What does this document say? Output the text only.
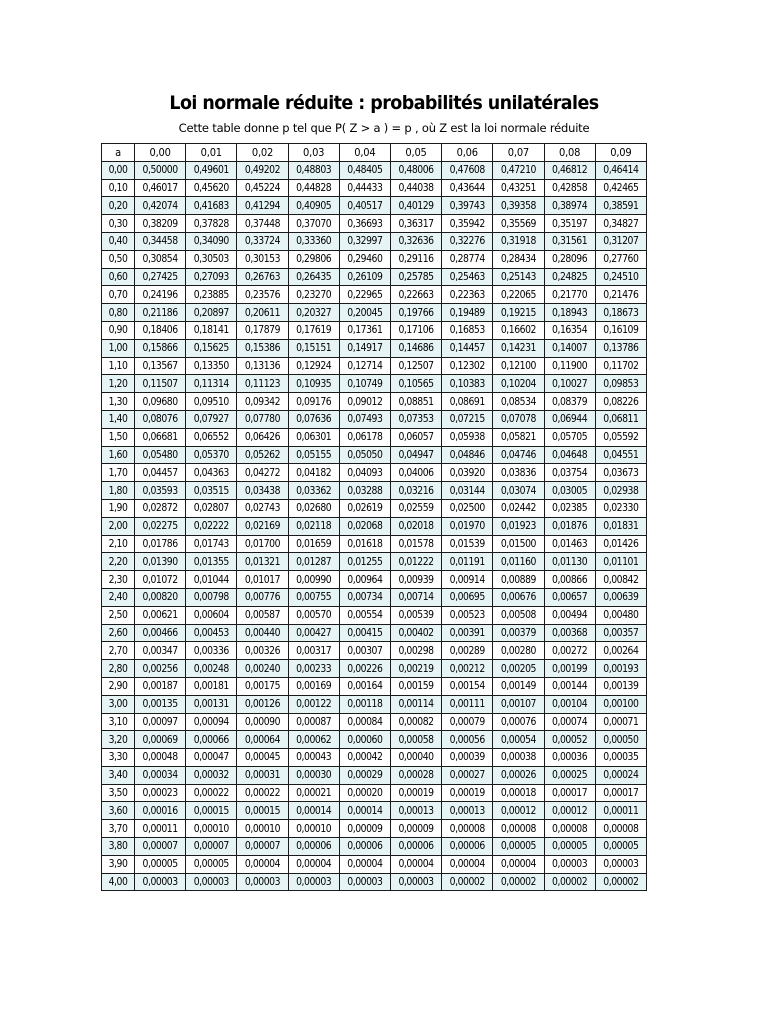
Loi normale réduite : probabilités unilatérales

Cette table donne p tel que P( Z > a ) = p , où Z est la loi normale réduite

a	0,00	0,01	0,02	0,03	0,04	0,05	0,06	0,07	0,08	0,09
0,00	0,50000	0,49601	0,49202	0,48803	0,48405	0,48006	0,47608	0,47210	0,46812	0,46414
0,10	0,46017	0,45620	0,45224	0,44828	0,44433	0,44038	0,43644	0,43251	0,42858	0,42465
0,20	0,42074	0,41683	0,41294	0,40905	0,40517	0,40129	0,39743	0,39358	0,38974	0,38591
0,30	0,38209	0,37828	0,37448	0,37070	0,36693	0,36317	0,35942	0,35569	0,35197	0,34827
0,40	0,34458	0,34090	0,33724	0,33360	0,32997	0,32636	0,32276	0,31918	0,31561	0,31207
0,50	0,30854	0,30503	0,30153	0,29806	0,29460	0,29116	0,28774	0,28434	0,28096	0,27760
0,60	0,27425	0,27093	0,26763	0,26435	0,26109	0,25785	0,25463	0,25143	0,24825	0,24510
0,70	0,24196	0,23885	0,23576	0,23270	0,22965	0,22663	0,22363	0,22065	0,21770	0,21476
0,80	0,21186	0,20897	0,20611	0,20327	0,20045	0,19766	0,19489	0,19215	0,18943	0,18673
0,90	0,18406	0,18141	0,17879	0,17619	0,17361	0,17106	0,16853	0,16602	0,16354	0,16109
1,00	0,15866	0,15625	0,15386	0,15151	0,14917	0,14686	0,14457	0,14231	0,14007	0,13786
1,10	0,13567	0,13350	0,13136	0,12924	0,12714	0,12507	0,12302	0,12100	0,11900	0,11702
1,20	0,11507	0,11314	0,11123	0,10935	0,10749	0,10565	0,10383	0,10204	0,10027	0,09853
1,30	0,09680	0,09510	0,09342	0,09176	0,09012	0,08851	0,08691	0,08534	0,08379	0,08226
1,40	0,08076	0,07927	0,07780	0,07636	0,07493	0,07353	0,07215	0,07078	0,06944	0,06811
1,50	0,06681	0,06552	0,06426	0,06301	0,06178	0,06057	0,05938	0,05821	0,05705	0,05592
1,60	0,05480	0,05370	0,05262	0,05155	0,05050	0,04947	0,04846	0,04746	0,04648	0,04551
1,70	0,04457	0,04363	0,04272	0,04182	0,04093	0,04006	0,03920	0,03836	0,03754	0,03673
1,80	0,03593	0,03515	0,03438	0,03362	0,03288	0,03216	0,03144	0,03074	0,03005	0,02938
1,90	0,02872	0,02807	0,02743	0,02680	0,02619	0,02559	0,02500	0,02442	0,02385	0,02330
2,00	0,02275	0,02222	0,02169	0,02118	0,02068	0,02018	0,01970	0,01923	0,01876	0,01831
2,10	0,01786	0,01743	0,01700	0,01659	0,01618	0,01578	0,01539	0,01500	0,01463	0,01426
2,20	0,01390	0,01355	0,01321	0,01287	0,01255	0,01222	0,01191	0,01160	0,01130	0,01101
2,30	0,01072	0,01044	0,01017	0,00990	0,00964	0,00939	0,00914	0,00889	0,00866	0,00842
2,40	0,00820	0,00798	0,00776	0,00755	0,00734	0,00714	0,00695	0,00676	0,00657	0,00639
2,50	0,00621	0,00604	0,00587	0,00570	0,00554	0,00539	0,00523	0,00508	0,00494	0,00480
2,60	0,00466	0,00453	0,00440	0,00427	0,00415	0,00402	0,00391	0,00379	0,00368	0,00357
2,70	0,00347	0,00336	0,00326	0,00317	0,00307	0,00298	0,00289	0,00280	0,00272	0,00264
2,80	0,00256	0,00248	0,00240	0,00233	0,00226	0,00219	0,00212	0,00205	0,00199	0,00193
2,90	0,00187	0,00181	0,00175	0,00169	0,00164	0,00159	0,00154	0,00149	0,00144	0,00139
3,00	0,00135	0,00131	0,00126	0,00122	0,00118	0,00114	0,00111	0,00107	0,00104	0,00100
3,10	0,00097	0,00094	0,00090	0,00087	0,00084	0,00082	0,00079	0,00076	0,00074	0,00071
3,20	0,00069	0,00066	0,00064	0,00062	0,00060	0,00058	0,00056	0,00054	0,00052	0,00050
3,30	0,00048	0,00047	0,00045	0,00043	0,00042	0,00040	0,00039	0,00038	0,00036	0,00035
3,40	0,00034	0,00032	0,00031	0,00030	0,00029	0,00028	0,00027	0,00026	0,00025	0,00024
3,50	0,00023	0,00022	0,00022	0,00021	0,00020	0,00019	0,00019	0,00018	0,00017	0,00017
3,60	0,00016	0,00015	0,00015	0,00014	0,00014	0,00013	0,00013	0,00012	0,00012	0,00011
3,70	0,00011	0,00010	0,00010	0,00010	0,00009	0,00009	0,00008	0,00008	0,00008	0,00008
3,80	0,00007	0,00007	0,00007	0,00006	0,00006	0,00006	0,00006	0,00005	0,00005	0,00005
3,90	0,00005	0,00005	0,00004	0,00004	0,00004	0,00004	0,00004	0,00004	0,00003	0,00003
4,00	0,00003	0,00003	0,00003	0,00003	0,00003	0,00003	0,00002	0,00002	0,00002	0,00002
